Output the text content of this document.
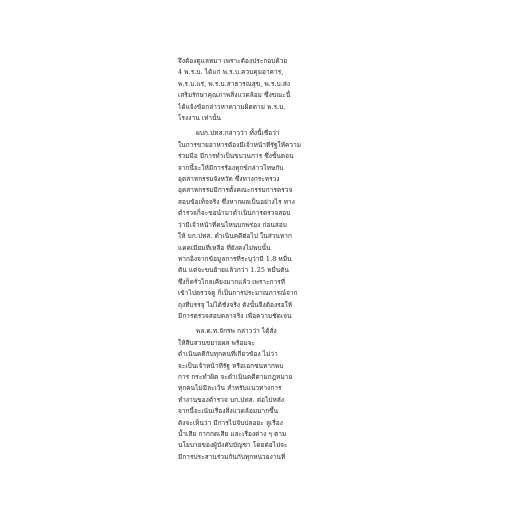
จึงต้องดูแลหมา เพราะต้องประกอบด้วย
4 พ.ร.บ. ได้แก่ พ.ร.บ.ควบคุมอาคาร,
พ.ร.บ.แร่, พ.ร.บ.สาธารณสุข, พ.ร.บ.ส่ง
เสริมรักษาคุณภาพสิ่งแวดล้อม ซึ่งขณะนี้
ได้แจ้งข้อกล่าวหาความผิดตาม พ.ร.บ.
โรงงาน เท่านั้น
ผบก.ปทส.กล่าวว่า ทั้งนี้เชื่อว่า
ในการขายอาหารต้องมีเจ้าหน้าที่รัฐให้ความ
ร่วมมือ มีการทำเป็นขบวนการ ซึ่งขั้นตอน
จากนี้จะให้มีการร้องทุกข์กล่าวโทษกับ
อุตสาหกรรมจังหวัด ซึ่งทางกระทรวง
อุตสาหกรรมมีการตั้งคณะกรรมการตรวจ
สอบข้อเท็จจริง ซึ่งหากผลเป็นอย่างไร ทาง
ตำรวจก็จะขอนำมาดำเนินการตรวจสอบ
ว่ามีเจ้าหน้าที่คนไหนบกพร่อง ก่อนสอบ
ให้ บก.ปทส. ดำเนินคดีต่อไป ในส่วนหาก
แคดเมียมที่เหลือ ที่ยังคงไม่พบนั้น
หากอิงจากข้อมูลการที่ระบุว่ามี 1.8 หมื่น
ตัน แต่จะขนย้ายแล้วกว่า 1.25 หมื่นตัน
ซึ่งก็ครั่วไกลเคียงมากแล้ว เพราะการที่
เข้าไปตรวจดู ก็เป็นการประมาณการณ์จาก
ถุงที่บรรจุ ไม่ได้ชั่งจริง ดังนั้นจึงต้องรอให้
มีการตรวจสอบตลาจริง เพื่อความชัดเจน
พล.ต.ท.จักรพ กล่าวว่า ได้สั่ง
ให้สืบสวนขยายผล พร้อมจะ
ดำเนินคดีกับทุกคนที่เกี่ยวข้อง ไม่ว่า
จะเป็นเจ้าหน้าที่รัฐ หรือเอกชนหากพบ
การ กระทำผิด จะดำเนินคดีตามกฎหมาย
ทุกคนไม่มีละเว้น สำหรับแนวทางการ
ทำงานของตำรวจ บก.ปทส. ต่อไปหลัง
จากนี้จะเน้นเรื่องสิ่งแวดล้อมมากขึ้น
ดังจะเห็นว่า มีการไปจับปลอยะ ลูเรื่อง
น้ำเสีย กากกดเสีย และเรื่องต่าง ๆ ตาม
นโยบายของผู้บังคับบัญชา โดยต่อไปจะ
มีการประสานร่วมกันกับทุกหน่วยงานที่
